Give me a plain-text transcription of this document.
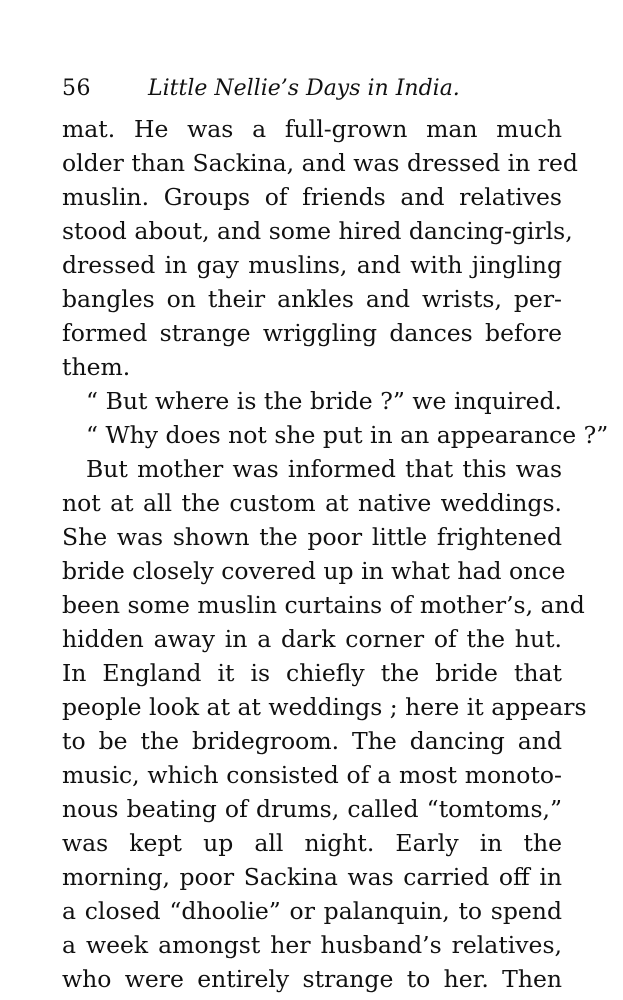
56	Little Nellie’s Days in India.
mat. He was a full-grown man much
older than Sackina, and was dressed in red
muslin. Groups of friends and relatives
stood about, and some hired dancing-girls,
dressed in gay muslins, and with jingling
bangles on their ankles and wrists, per-
formed strange wriggling dances before
them.
“ But where is the bride ?” we inquired.
“ Why does not she put in an appearance ?”
But mother was informed that this was
not at all the custom at native weddings.
She was shown the poor little frightened
bride closely covered up in what had once
been some muslin curtains of mother’s, and
hidden away in a dark corner of the hut.
In England it is chiefly the bride that
people look at at weddings ; here it appears
to be the bridegroom. The dancing and
music, which consisted of a most monoto-
nous beating of drums, called “tomtoms,”
was kept up all night. Early in the
morning, poor Sackina was carried off in
a closed “dhoolie” or palanquin, to spend
a week amongst her husband’s relatives,
who were entirely strange to her. Then
